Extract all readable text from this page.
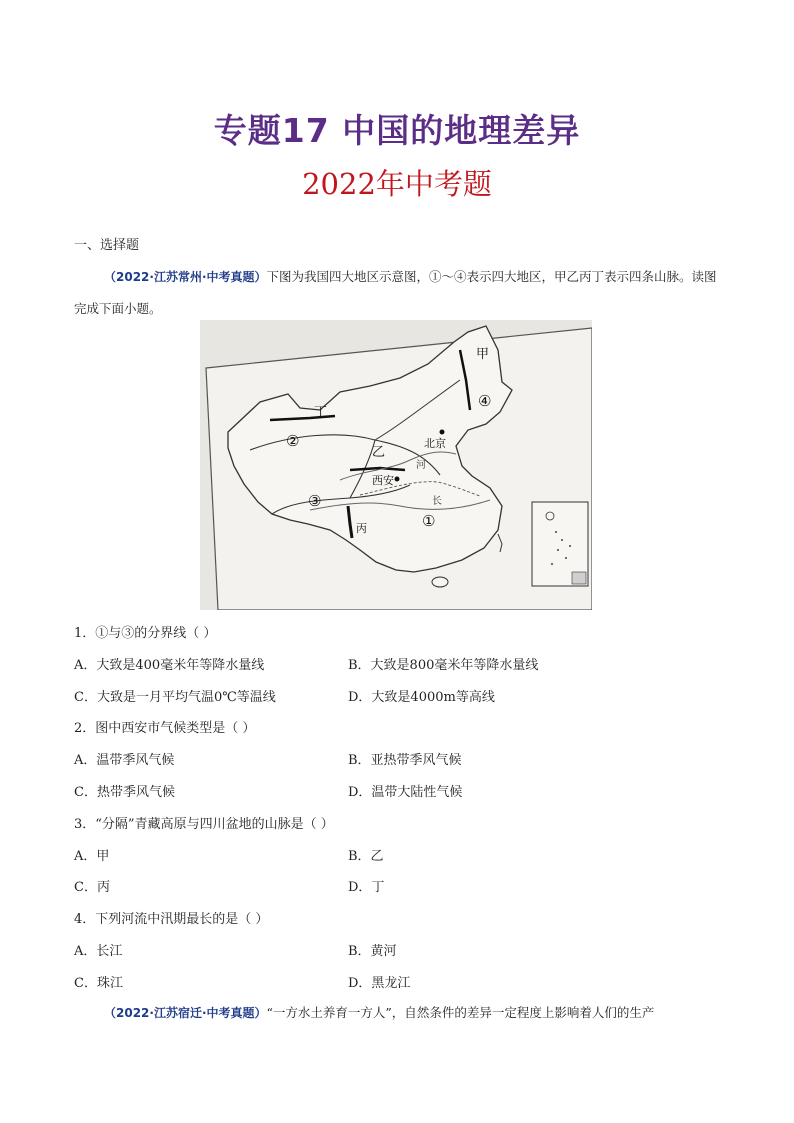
专题17 中国的地理差异
2022年中考题
一、选择题
（2022·江苏常州·中考真题）下图为我国四大地区示意图，①～④表示四大地区，甲乙丙丁表示四条山脉。读图完成下面小题。
甲
丁
乙
丙	①
②
③
④
北京
西安
河
长
1．①与③的分界线（ ）
A．大致是400毫米年等降水量线	B．大致是800毫米年等降水量线
C．大致是一月平均气温0℃等温线	D．大致是4000m等高线
2．图中西安市气候类型是（ ）
A．温带季风气候	B．亚热带季风气候
C．热带季风气候	D．温带大陆性气候
3．“分隔”青藏高原与四川盆地的山脉是（ ）
A．甲	B．乙
C．丙	D．丁
4．下列河流中汛期最长的是（ ）
A．长江	B．黄河
C．珠江	D．黑龙江
（2022·江苏宿迁·中考真题）“一方水土养育一方人”，自然条件的差异一定程度上影响着人们的生产
